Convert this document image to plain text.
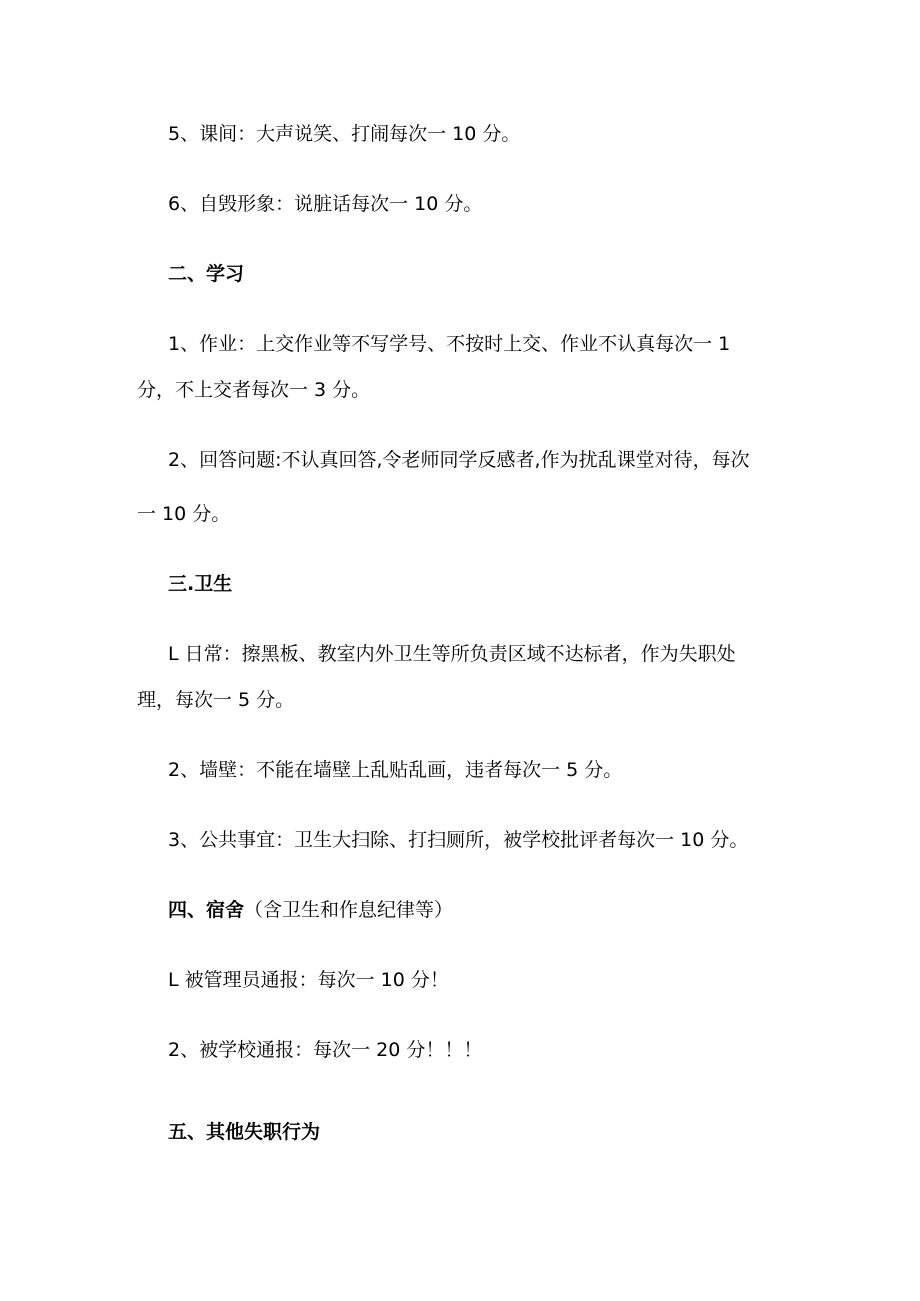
5、课间：大声说笑、打闹每次一 10 分。

6、自毁形象：说脏话每次一 10 分。

二、学习

1、作业：上交作业等不写学号、不按时上交、作业不认真每次一 1

分，不上交者每次一 3 分。

2、回答问题:不认真回答,令老师同学反感者,作为扰乱课堂对待，每次

一 10 分。

三.卫生

L 日常：擦黑板、教室内外卫生等所负责区域不达标者，作为失职处

理，每次一 5 分。

2、墙壁：不能在墙壁上乱贴乱画，违者每次一 5 分。

3、公共事宜：卫生大扫除、打扫厕所，被学校批评者每次一 10 分。

四、宿舍（含卫生和作息纪律等）

L 被管理员通报：每次一 10 分！

2、被学校通报：每次一 20 分！！！

五、其他失职行为
